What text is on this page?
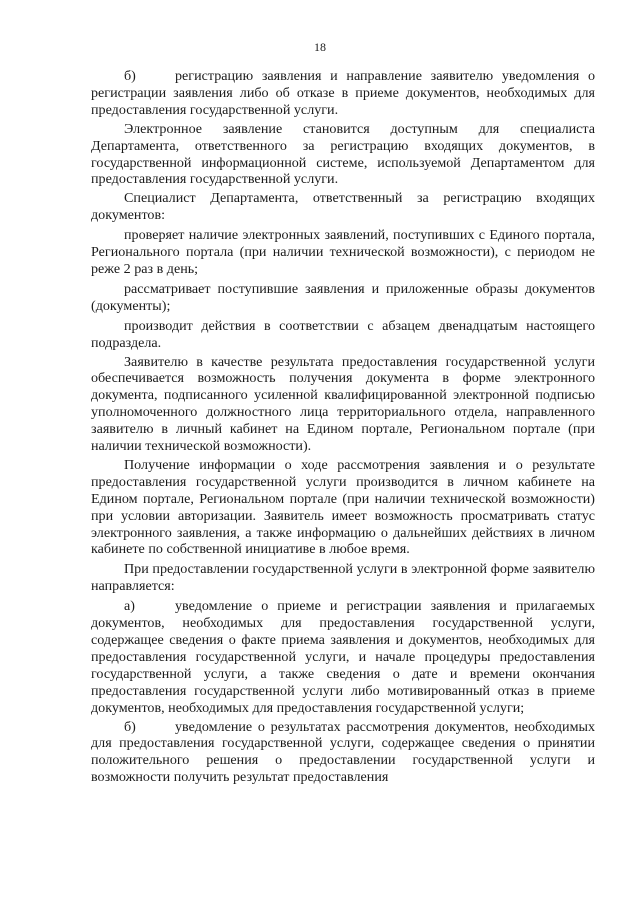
18

б)	регистрацию заявления и направление заявителю уведомления о регистрации заявления либо об отказе в приеме документов, необходимых для предоставления государственной услуги.

Электронное заявление становится доступным для специалиста Департамента, ответственного за регистрацию входящих документов, в государственной информационной системе, используемой Департаментом для предоставления государственной услуги.

Специалист Департамента, ответственный за регистрацию входящих документов:

проверяет наличие электронных заявлений, поступивших с Единого портала, Регионального портала (при наличии технической возможности), с периодом не реже 2 раз в день;

рассматривает поступившие заявления и приложенные образы документов (документы);

производит действия в соответствии с абзацем двенадцатым настоящего подраздела.

Заявителю в качестве результата предоставления государственной услуги обеспечивается возможность получения документа в форме электронного документа, подписанного усиленной квалифицированной электронной подписью уполномоченного должностного лица территориального отдела, направленного заявителю в личный кабинет на Едином портале, Региональном портале (при наличии технической возможности).

Получение информации о ходе рассмотрения заявления и о результате предоставления государственной услуги производится в личном кабинете на Едином портале, Региональном портале (при наличии технической возможности) при условии авторизации. Заявитель имеет возможность просматривать статус электронного заявления, а также информацию о дальнейших действиях в личном кабинете по собственной инициативе в любое время.

При предоставлении государственной услуги в электронной форме заявителю направляется:

а)	уведомление о приеме и регистрации заявления и прилагаемых документов, необходимых для предоставления государственной услуги, содержащее сведения о факте приема заявления и документов, необходимых для предоставления государственной услуги, и начале процедуры предоставления государственной услуги, а также сведения о дате и времени окончания предоставления государственной услуги либо мотивированный отказ в приеме документов, необходимых для предоставления государственной услуги;

б)	уведомление о результатах рассмотрения документов, необходимых для предоставления государственной услуги, содержащее сведения о принятии положительного решения о предоставлении государственной услуги и возможности получить результат предоставления
